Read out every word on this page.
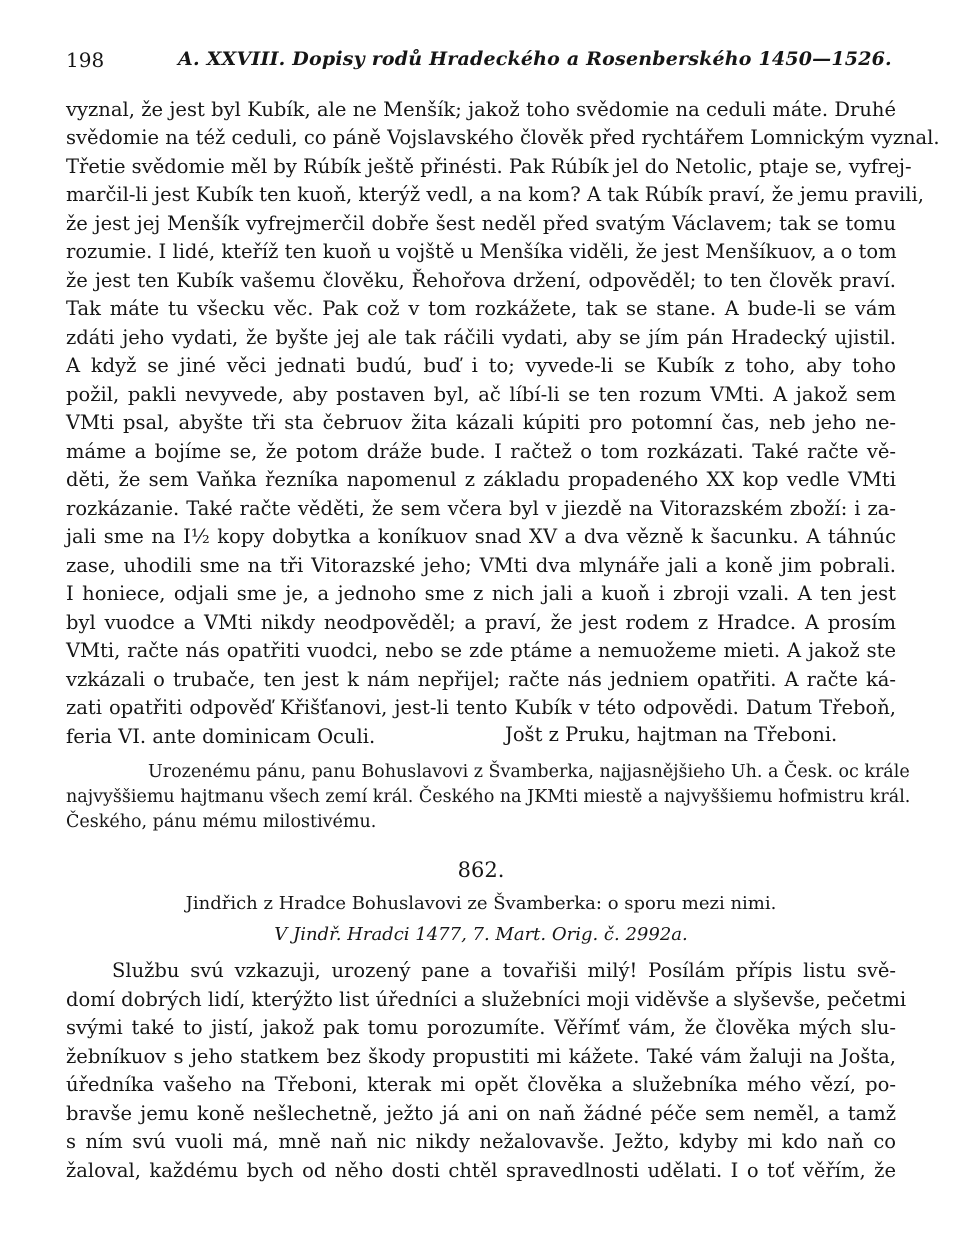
198	A. XXVIII. Dopisy rodů Hradeckého a Rosenberského 1450—1526.
vyznal, že jest byl Kubík, ale ne Menšík; jakož toho svědomie na ceduli máte. Druhé
svědomie na též ceduli, co páně Vojslavského člověk před rychtářem Lomnickým vyznal.
Třetie svědomie měl by Rúbík ještě přinésti. Pak Rúbík jel do Netolic, ptaje se, vyfrej-
marčil-li jest Kubík ten kuoň, kterýž vedl, a na kom? A tak Rúbík praví, že jemu pravili,
že jest jej Menšík vyfrejmerčil dobře šest neděl před svatým Václavem; tak se tomu
rozumie. I lidé, kteříž ten kuoň u vojště u Menšíka viděli, že jest Menšíkuov, a o tom
že jest ten Kubík vašemu člověku, Řehořova držení, odpověděl; to ten člověk praví.
Tak máte tu všecku věc. Pak což v tom rozkážete, tak se stane. A bude-li se vám
zdáti jeho vydati, že byšte jej ale tak ráčili vydati, aby se jím pán Hradecký ujistil.
A když se jiné věci jednati budú, buď i to; vyvede-li se Kubík z toho, aby toho
požil, pakli nevyvede, aby postaven byl, ač líbí-li se ten rozum VMti. A jakož sem
VMti psal, abyšte tři sta čebruov žita kázali kúpiti pro potomní čas, neb jeho ne-
máme a bojíme se, že potom dráže bude. I račtež o tom rozkázati. Také račte vě-
děti, že sem Vaňka řezníka napomenul z základu propadeného XX kop vedle VMti
rozkázanie. Také račte věděti, že sem včera byl v jiezdě na Vitorazském zboží: i za-
jali sme na I½ kopy dobytka a koníkuov snad XV a dva vězně k šacunku. A táhnúc
zase, uhodili sme na tři Vitorazské jeho; VMti dva mlynáře jali a koně jim pobrali.
I honiece, odjali sme je, a jednoho sme z nich jali a kuoň i zbroji vzali. A ten jest
byl vuodce a VMti nikdy neodpověděl; a praví, že jest rodem z Hradce. A prosím
VMti, račte nás opatřiti vuodci, nebo se zde ptáme a nemuožeme mieti. A jakož ste
vzkázali o trubače, ten jest k nám nepřijel; račte nás jedniem opatřiti. A račte ká-
zati opatřiti odpověď Křišťanovi, jest-li tento Kubík v této odpovědi. Datum Třeboň,
feria VI. ante dominicam Oculi.	Jošt z Pruku, hajtman na Třeboni.
Urozenému pánu, panu Bohuslavovi z Švamberka, najjasnějšieho Uh. a Česk. oc krále
najvyššiemu hajtmanu všech zemí král. Českého na JKMti miestě a najvyššiemu hofmistru král.
Českého, pánu mému milostivému.
862.
Jindřich z Hradce Bohuslavovi ze Švamberka: o sporu mezi nimi.
V Jindř. Hradci 1477, 7. Mart. Orig. č. 2992a.
Službu svú vzkazuji, urozený pane a tovařiši milý! Posílám přípis listu svě-
domí dobrých lidí, kterýžto list úředníci a služebníci moji viděvše a slyševše, pečetmi
svými také to jistí, jakož pak tomu porozumíte. Věřímť vám, že člověka mých slu-
žebníkuov s jeho statkem bez škody propustiti mi kážete. Také vám žaluji na Jošta,
úředníka vašeho na Třeboni, kterak mi opět člověka a služebníka mého vězí, po-
bravše jemu koně nešlechetně, ježto já ani on naň žádné péče sem neměl, a tamž
s ním svú vuoli má, mně naň nic nikdy nežalovavše. Ježto, kdyby mi kdo naň co
žaloval, každému bych od něho dosti chtěl spravedlnosti udělati. I o toť věřím, že
